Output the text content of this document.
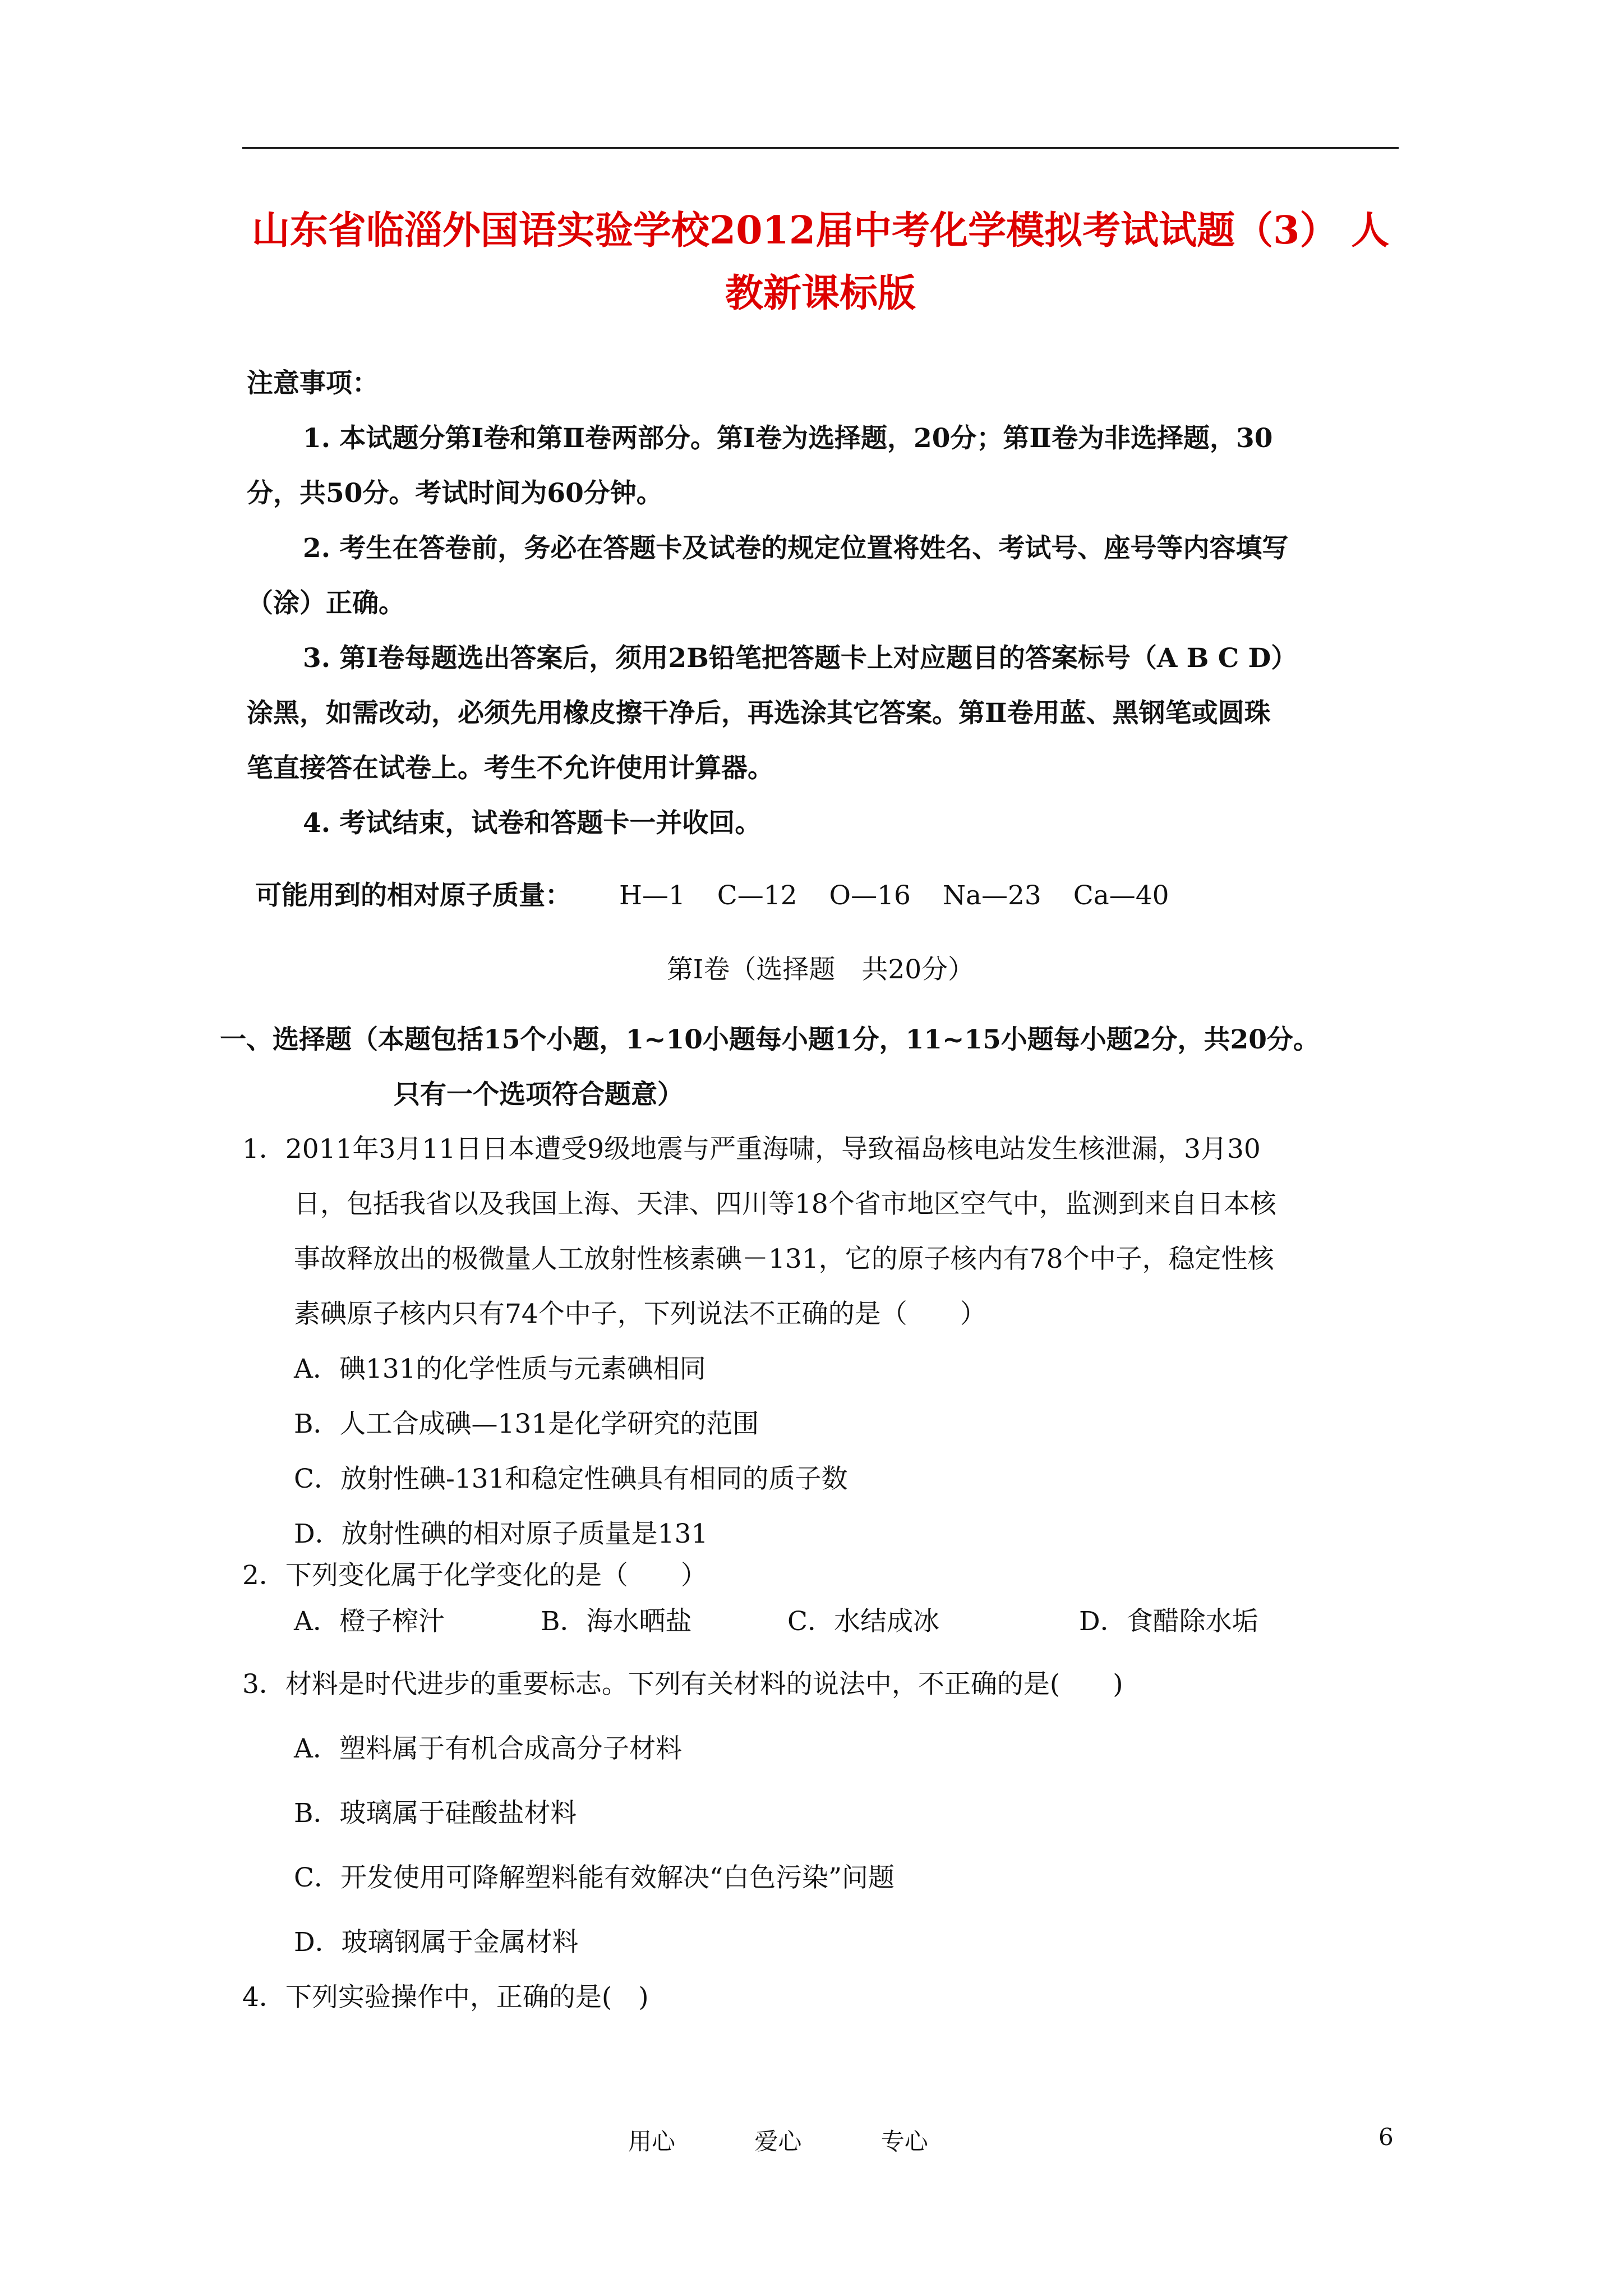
山东省临淄外国语实验学校2012届中考化学模拟考试试题（3） 人
教新课标版
注意事项：
1. 本试题分第Ⅰ卷和第Ⅱ卷两部分。第Ⅰ卷为选择题，20分；第Ⅱ卷为非选择题，30
分，共50分。考试时间为60分钟。
2. 考生在答卷前，务必在答题卡及试卷的规定位置将姓名、考试号、座号等内容填写
（涂）正确。
3. 第Ⅰ卷每题选出答案后，须用2B铅笔把答题卡上对应题目的答案标号（A B C D）
涂黑，如需改动，必须先用橡皮擦干净后，再选涂其它答案。第Ⅱ卷用蓝、黑钢笔或圆珠
笔直接答在试卷上。考生不允许使用计算器。
4. 考试结束，试卷和答题卡一并收回。
可能用到的相对原子质量： H—1 C—12 O—16 Na—23 Ca—40
第Ⅰ卷（选择题　共20分）
一、选择题（本题包括15个小题，1~10小题每小题1分，11~15小题每小题2分，共20分。
只有一个选项符合题意）
1．2011年3月11日日本遭受9级地震与严重海啸，导致福岛核电站发生核泄漏，3月30
日，包括我省以及我国上海、天津、四川等18个省市地区空气中，监测到来自日本核
事故释放出的极微量人工放射性核素碘－131，它的原子核内有78个中子，稳定性核
素碘原子核内只有74个中子，下列说法不正确的是（　　）
A．碘131的化学性质与元素碘相同
B．人工合成碘—131是化学研究的范围
C．放射性碘-131和稳定性碘具有相同的质子数
D．放射性碘的相对原子质量是131
2．下列变化属于化学变化的是（　　）
A．橙子榨汁	B．海水晒盐	C．水结成冰	D．食醋除水垢
3．材料是时代进步的重要标志。下列有关材料的说法中，不正确的是(　　)
A．塑料属于有机合成高分子材料
B．玻璃属于硅酸盐材料
C．开发使用可降解塑料能有效解决“白色污染”问题
D．玻璃钢属于金属材料
4．下列实验操作中，正确的是(　)
用心	爱心	专心	6
